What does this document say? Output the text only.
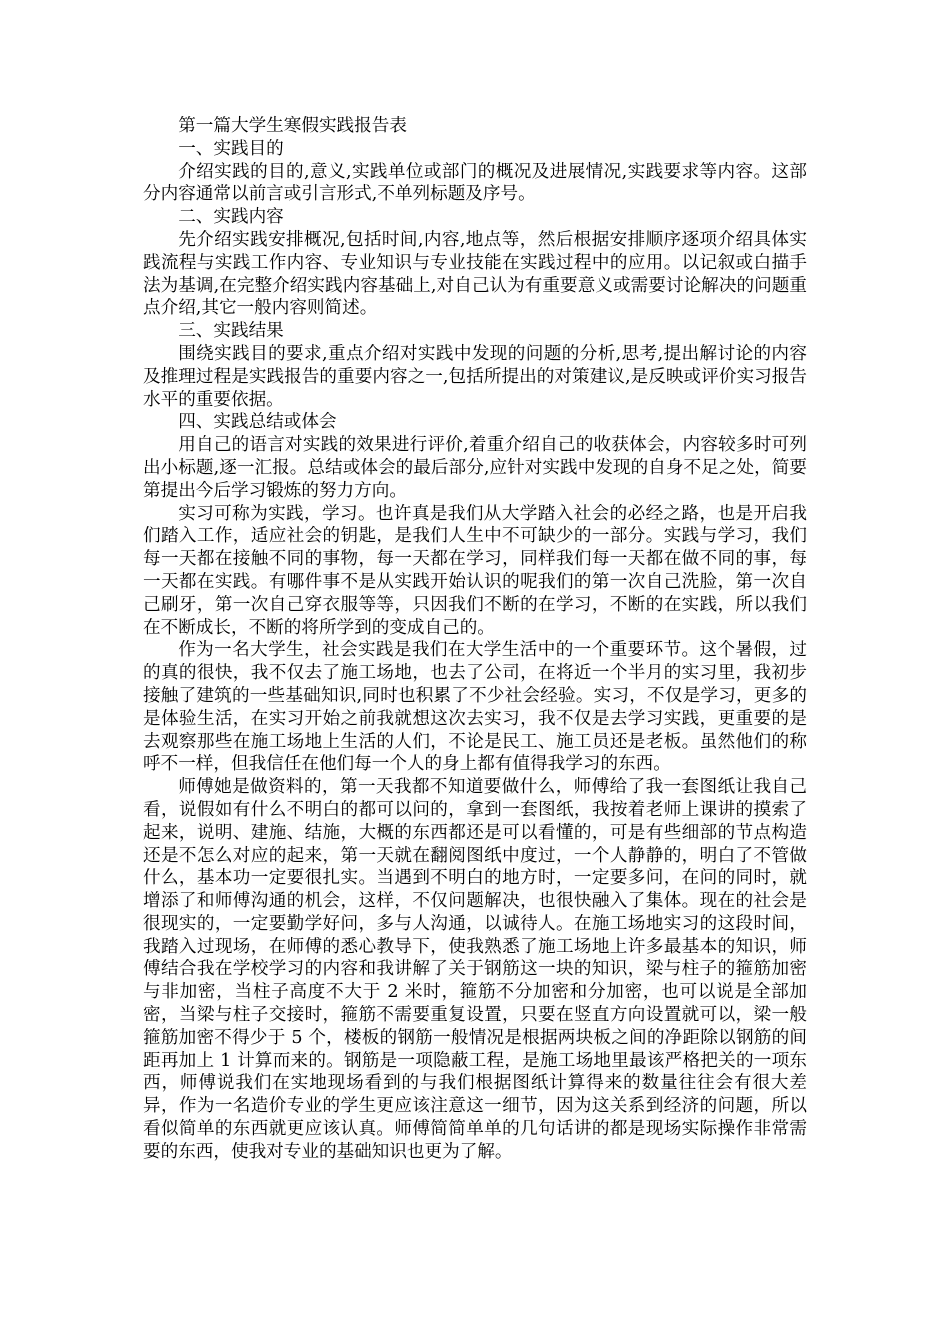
第一篇大学生寒假实践报告表

一、实践目的

介绍实践的目的,意义,实践单位或部门的概况及进展情况,实践要求等内容。这部分内容通常以前言或引言形式,不单列标题及序号。

二、实践内容

先介绍实践安排概况,包括时间,内容,地点等，然后根据安排顺序逐项介绍具体实践流程与实践工作内容、专业知识与专业技能在实践过程中的应用。以记叙或白描手法为基调,在完整介绍实践内容基础上,对自己认为有重要意义或需要讨论解决的问题重点介绍,其它一般内容则简述。

三、实践结果

围绕实践目的要求,重点介绍对实践中发现的问题的分析,思考,提出解讨论的内容及推理过程是实践报告的重要内容之一,包括所提出的对策建议,是反映或评价实习报告水平的重要依据。

四、实践总结或体会

用自己的语言对实践的效果进行评价,着重介绍自己的收获体会，内容较多时可列出小标题,逐一汇报。总结或体会的最后部分,应针对实践中发现的自身不足之处，简要第提出今后学习锻炼的努力方向。

实习可称为实践，学习。也许真是我们从大学踏入社会的必经之路，也是开启我们踏入工作，适应社会的钥匙，是我们人生中不可缺少的一部分。实践与学习，我们每一天都在接触不同的事物，每一天都在学习，同样我们每一天都在做不同的事，每一天都在实践。有哪件事不是从实践开始认识的呢我们的第一次自己洗脸，第一次自己刷牙，第一次自己穿衣服等等，只因我们不断的在学习，不断的在实践，所以我们在不断成长，不断的将所学到的变成自己的。

作为一名大学生，社会实践是我们在大学生活中的一个重要环节。这个暑假，过的真的很快，我不仅去了施工场地，也去了公司，在将近一个半月的实习里，我初步接触了建筑的一些基础知识,同时也积累了不少社会经验。实习，不仅是学习，更多的是体验生活，在实习开始之前我就想这次去实习，我不仅是去学习实践，更重要的是去观察那些在施工场地上生活的人们，不论是民工、施工员还是老板。虽然他们的称呼不一样，但我信任在他们每一个人的身上都有值得我学习的东西。

师傅她是做资料的，第一天我都不知道要做什么，师傅给了我一套图纸让我自己看，说假如有什么不明白的都可以问的，拿到一套图纸，我按着老师上课讲的摸索了起来，说明、建施、结施，大概的东西都还是可以看懂的，可是有些细部的节点构造还是不怎么对应的起来，第一天就在翻阅图纸中度过，一个人静静的，明白了不管做什么，基本功一定要很扎实。当遇到不明白的地方时，一定要多问，在问的同时，就增添了和师傅沟通的机会，这样，不仅问题解决，也很快融入了集体。现在的社会是很现实的，一定要勤学好问，多与人沟通，以诚待人。在施工场地实习的这段时间，我踏入过现场，在师傅的悉心教导下，使我熟悉了施工场地上许多最基本的知识，师傅结合我在学校学习的内容和我讲解了关于钢筋这一块的知识，梁与柱子的箍筋加密与非加密，当柱子高度不大于 2 米时，箍筋不分加密和分加密，也可以说是全部加密，当梁与柱子交接时，箍筋不需要重复设置，只要在竖直方向设置就可以，梁一般箍筋加密不得少于 5 个，楼板的钢筋一般情况是根据两块板之间的净距除以钢筋的间距再加上 1 计算而来的。钢筋是一项隐蔽工程，是施工场地里最该严格把关的一项东西，师傅说我们在实地现场看到的与我们根据图纸计算得来的数量往往会有很大差异，作为一名造价专业的学生更应该注意这一细节，因为这关系到经济的问题，所以看似简单的东西就更应该认真。师傅简简单单的几句话讲的都是现场实际操作非常需要的东西，使我对专业的基础知识也更为了解。
